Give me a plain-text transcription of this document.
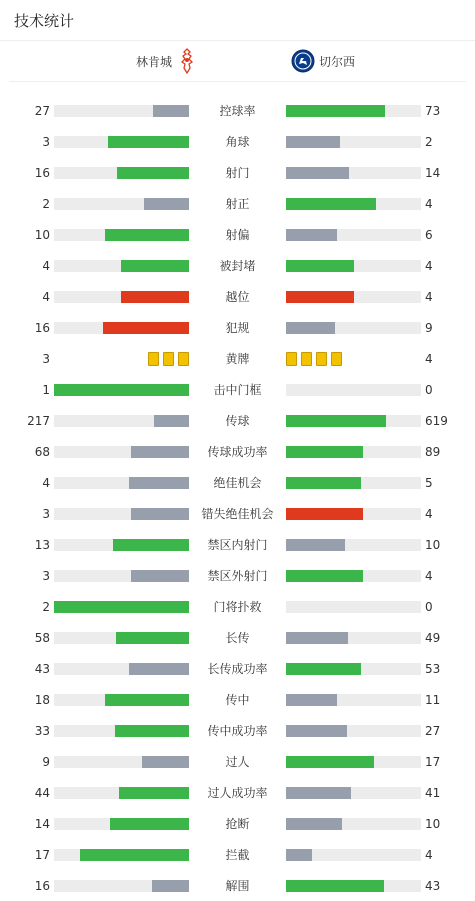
技术统计
林肯城	切尔西
27	控球率	73
3	角球	2
16	射门	14
2	射正	4
10	射偏	6
4	被封堵	4
4	越位	4
16	犯规	9
3	黄牌	4
1	击中门框	0
217	传球	619
68	传球成功率	89
4	绝佳机会	5
3	错失绝佳机会	4
13	禁区内射门	10
3	禁区外射门	4
2	门将扑救	0
58	长传	49
43	长传成功率	53
18	传中	11
33	传中成功率	27
9	过人	17
44	过人成功率	41
14	抢断	10
17	拦截	4
16	解围	43
